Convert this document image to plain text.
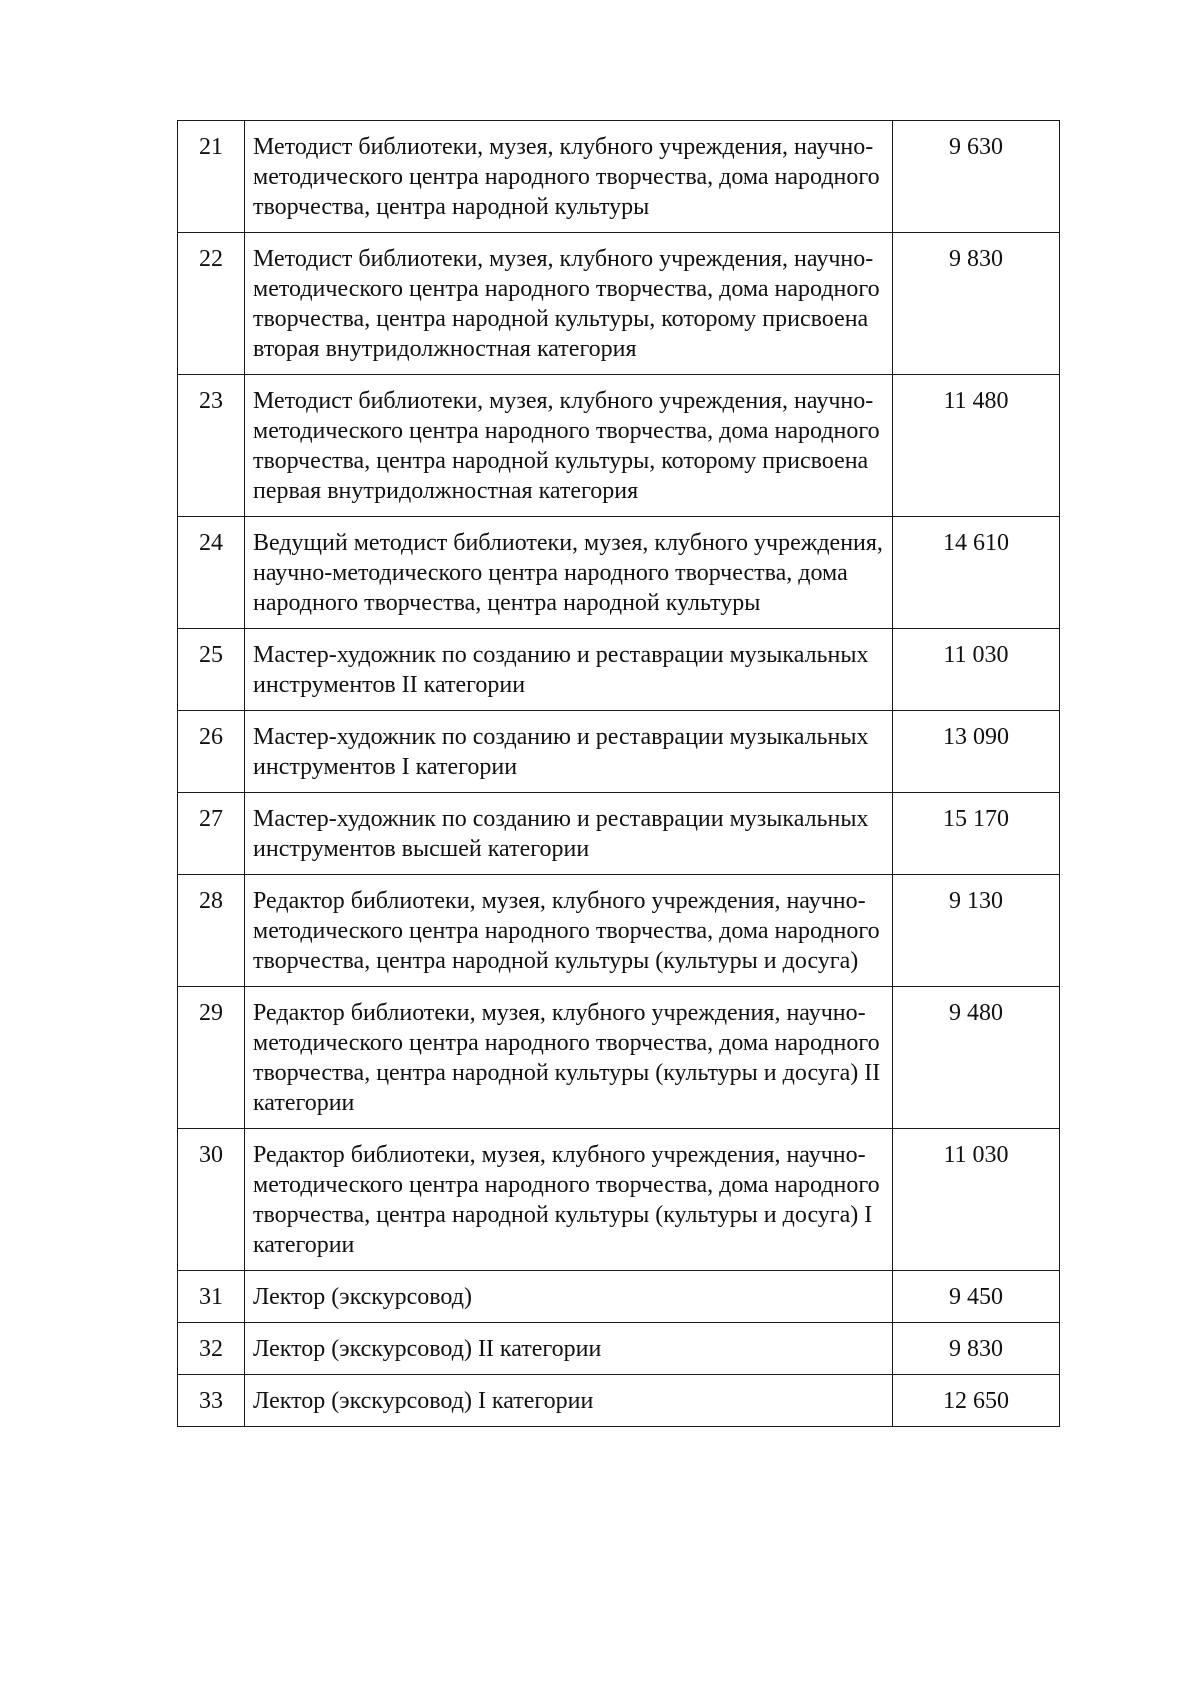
21	Методист библиотеки, музея, клубного учреждения, научно-методического центра народного творчества, дома народного творчества, центра народной культуры	9 630
22	Методист библиотеки, музея, клубного учреждения, научно-методического центра народного творчества, дома народного творчества, центра народной культуры, которому присвоена вторая внутридолжностная категория	9 830
23	Методист библиотеки, музея, клубного учреждения, научно-методического центра народного творчества, дома народного творчества, центра народной культуры, которому присвоена первая внутридолжностная категория	11 480
24	Ведущий методист библиотеки, музея, клубного учреждения, научно-методического центра народного творчества, дома народного творчества, центра народной культуры	14 610
25	Мастер-художник по созданию и реставрации музыкальных инструментов II категории	11 030
26	Мастер-художник по созданию и реставрации музыкальных инструментов I категории	13 090
27	Мастер-художник по созданию и реставрации музыкальных инструментов высшей категории	15 170
28	Редактор библиотеки, музея, клубного учреждения, научно-методического центра народного творчества, дома народного творчества, центра народной культуры (культуры и досуга)	9 130
29	Редактор библиотеки, музея, клубного учреждения, научно-методического центра народного творчества, дома народного творчества, центра народной культуры (культуры и досуга) II категории	9 480
30	Редактор библиотеки, музея, клубного учреждения, научно-методического центра народного творчества, дома народного творчества, центра народной культуры (культуры и досуга) I категории	11 030
31	Лектор (экскурсовод)	9 450
32	Лектор (экскурсовод) II категории	9 830
33	Лектор (экскурсовод) I категории	12 650
